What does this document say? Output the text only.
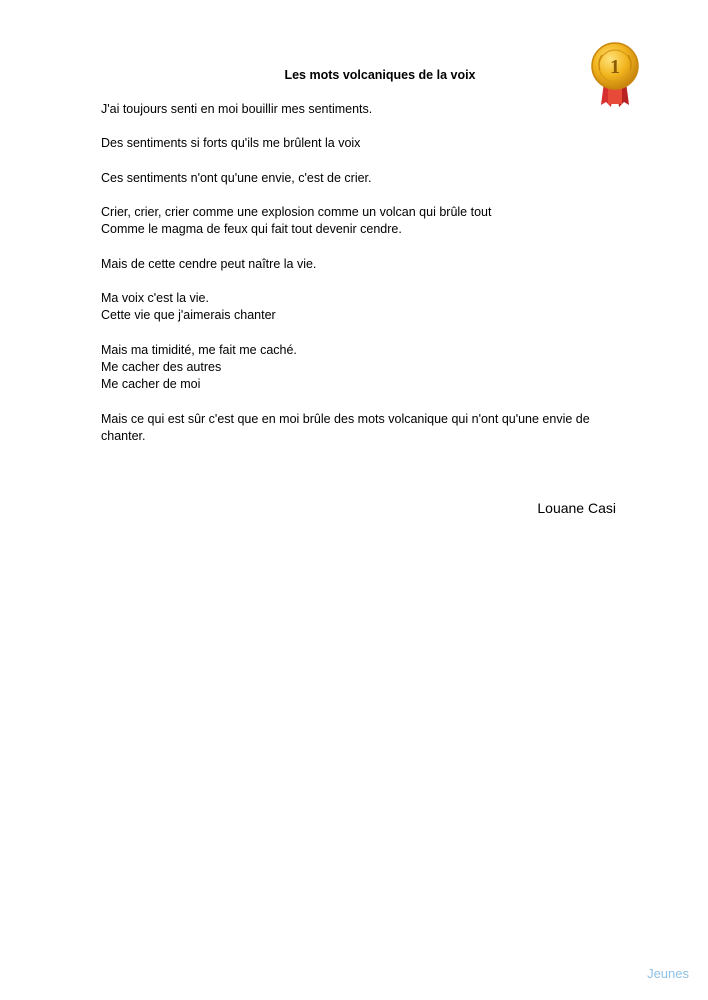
1
Les mots volcaniques de la voix
J'ai toujours senti en moi bouillir mes sentiments.
Des sentiments si forts qu'ils me brûlent la voix
Ces sentiments n'ont qu'une envie, c'est de crier.
Crier, crier, crier comme une explosion comme un volcan qui brûle tout
Comme le magma de feux qui fait tout devenir cendre.
Mais de cette cendre peut naître la vie.
Ma voix c'est la vie.
Cette vie que j'aimerais chanter
Mais ma timidité, me fait me caché.
Me cacher des autres
Me cacher de moi
Mais ce qui est sûr c'est que en moi brûle des mots volcanique qui n'ont qu'une envie de chanter.
Louane Casi
Jeunes
